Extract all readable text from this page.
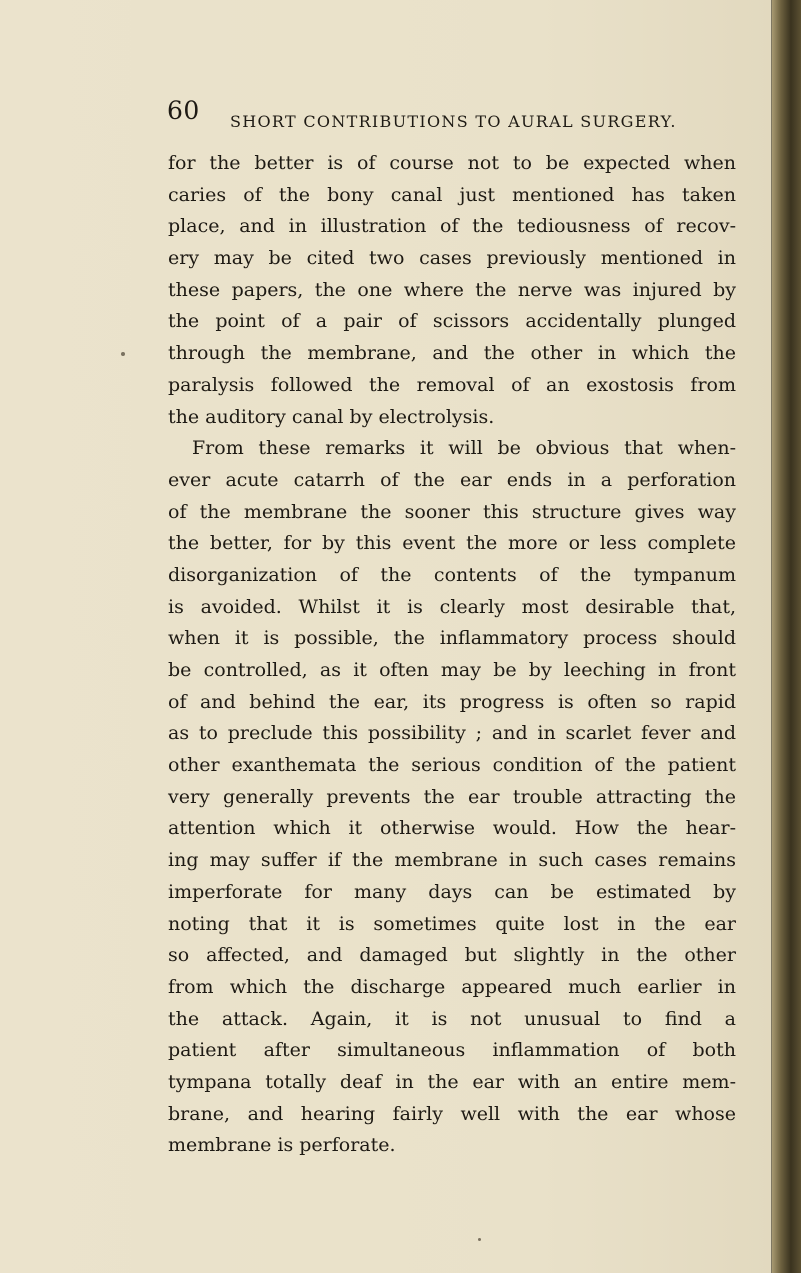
60 SHORT CONTRIBUTIONS TO AURAL SURGERY.
for the better is of course not to be expected when
caries of the bony canal just mentioned has taken
place, and in illustration of the tediousness of recov-
ery may be cited two cases previously mentioned in
these papers, the one where the nerve was injured by
the point of a pair of scissors accidentally plunged
through the membrane, and the other in which the
paralysis followed the removal of an exostosis from
the auditory canal by electrolysis.
From these remarks it will be obvious that when-
ever acute catarrh of the ear ends in a perforation
of the membrane the sooner this structure gives way
the better, for by this event the more or less complete
disorganization of the contents of the tympanum
is avoided. Whilst it is clearly most desirable that,
when it is possible, the inflammatory process should
be controlled, as it often may be by leeching in front
of and behind the ear, its progress is often so rapid
as to preclude this possibility ; and in scarlet fever and
other exanthemata the serious condition of the patient
very generally prevents the ear trouble attracting the
attention which it otherwise would. How the hear-
ing may suffer if the membrane in such cases remains
imperforate for many days can be estimated by
noting that it is sometimes quite lost in the ear
so affected, and damaged but slightly in the other
from which the discharge appeared much earlier in
the attack. Again, it is not unusual to find a
patient after simultaneous inflammation of both
tympana totally deaf in the ear with an entire mem-
brane, and hearing fairly well with the ear whose
membrane is perforate.
